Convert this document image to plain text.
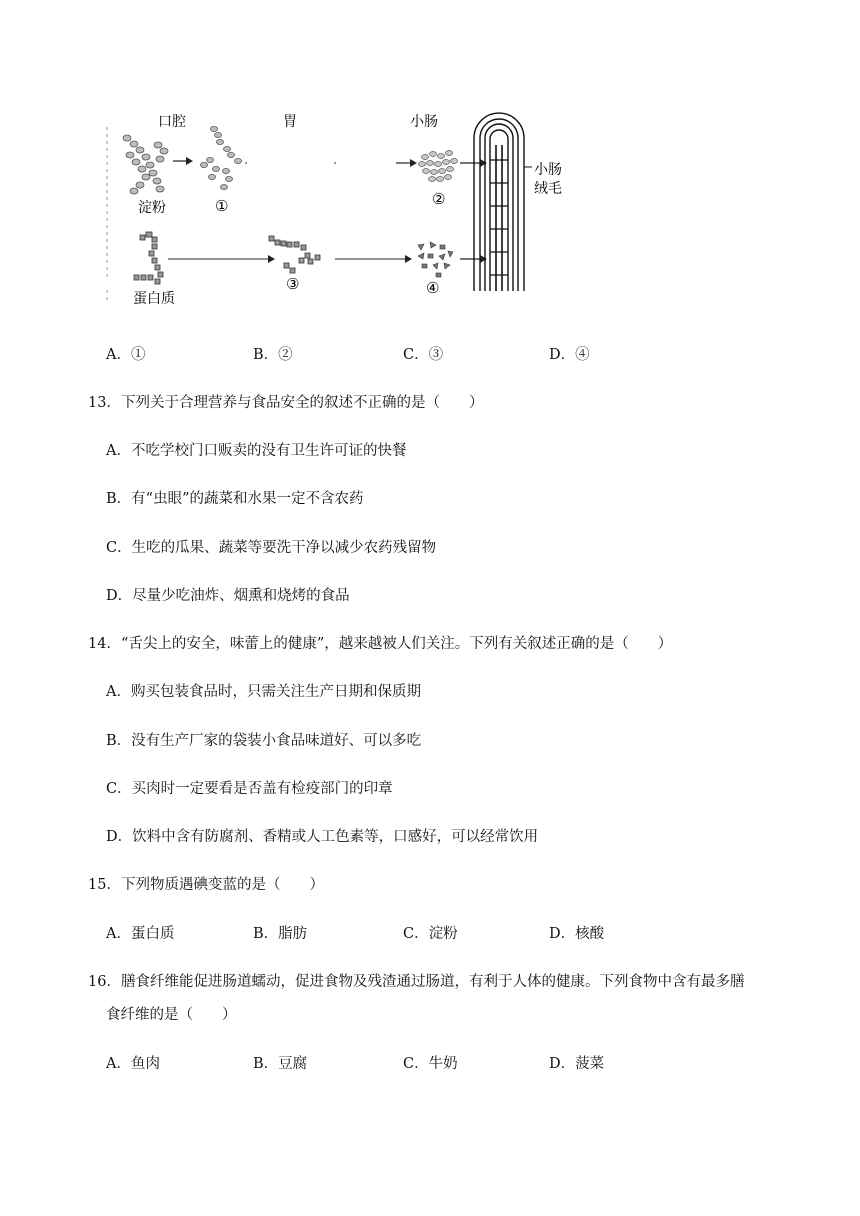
口腔	胃	小肠
淀粉
蛋白质
小肠
绒毛
①	②
③	④
A．①	B．②	C．③	D．④
13．下列关于合理营养与食品安全的叙述不正确的是（　　）
A．不吃学校门口贩卖的没有卫生许可证的快餐
B．有“虫眼”的蔬菜和水果一定不含农药
C．生吃的瓜果、蔬菜等要洗干净以减少农药残留物
D．尽量少吃油炸、烟熏和烧烤的食品
14．“舌尖上的安全，味蕾上的健康”，越来越被人们关注。下列有关叙述正确的是（　　）
A．购买包装食品时，只需关注生产日期和保质期
B．没有生产厂家的袋装小食品味道好、可以多吃
C．买肉时一定要看是否盖有检疫部门的印章
D．饮料中含有防腐剂、香精或人工色素等，口感好，可以经常饮用
15．下列物质遇碘变蓝的是（　　）
A．蛋白质	B．脂肪	C．淀粉	D．核酸
16．膳食纤维能促进肠道蠕动，促进食物及残渣通过肠道，有利于人体的健康。下列食物中含有最多膳
食纤维的是（　　）
A．鱼肉	B．豆腐	C．牛奶	D．菠菜
